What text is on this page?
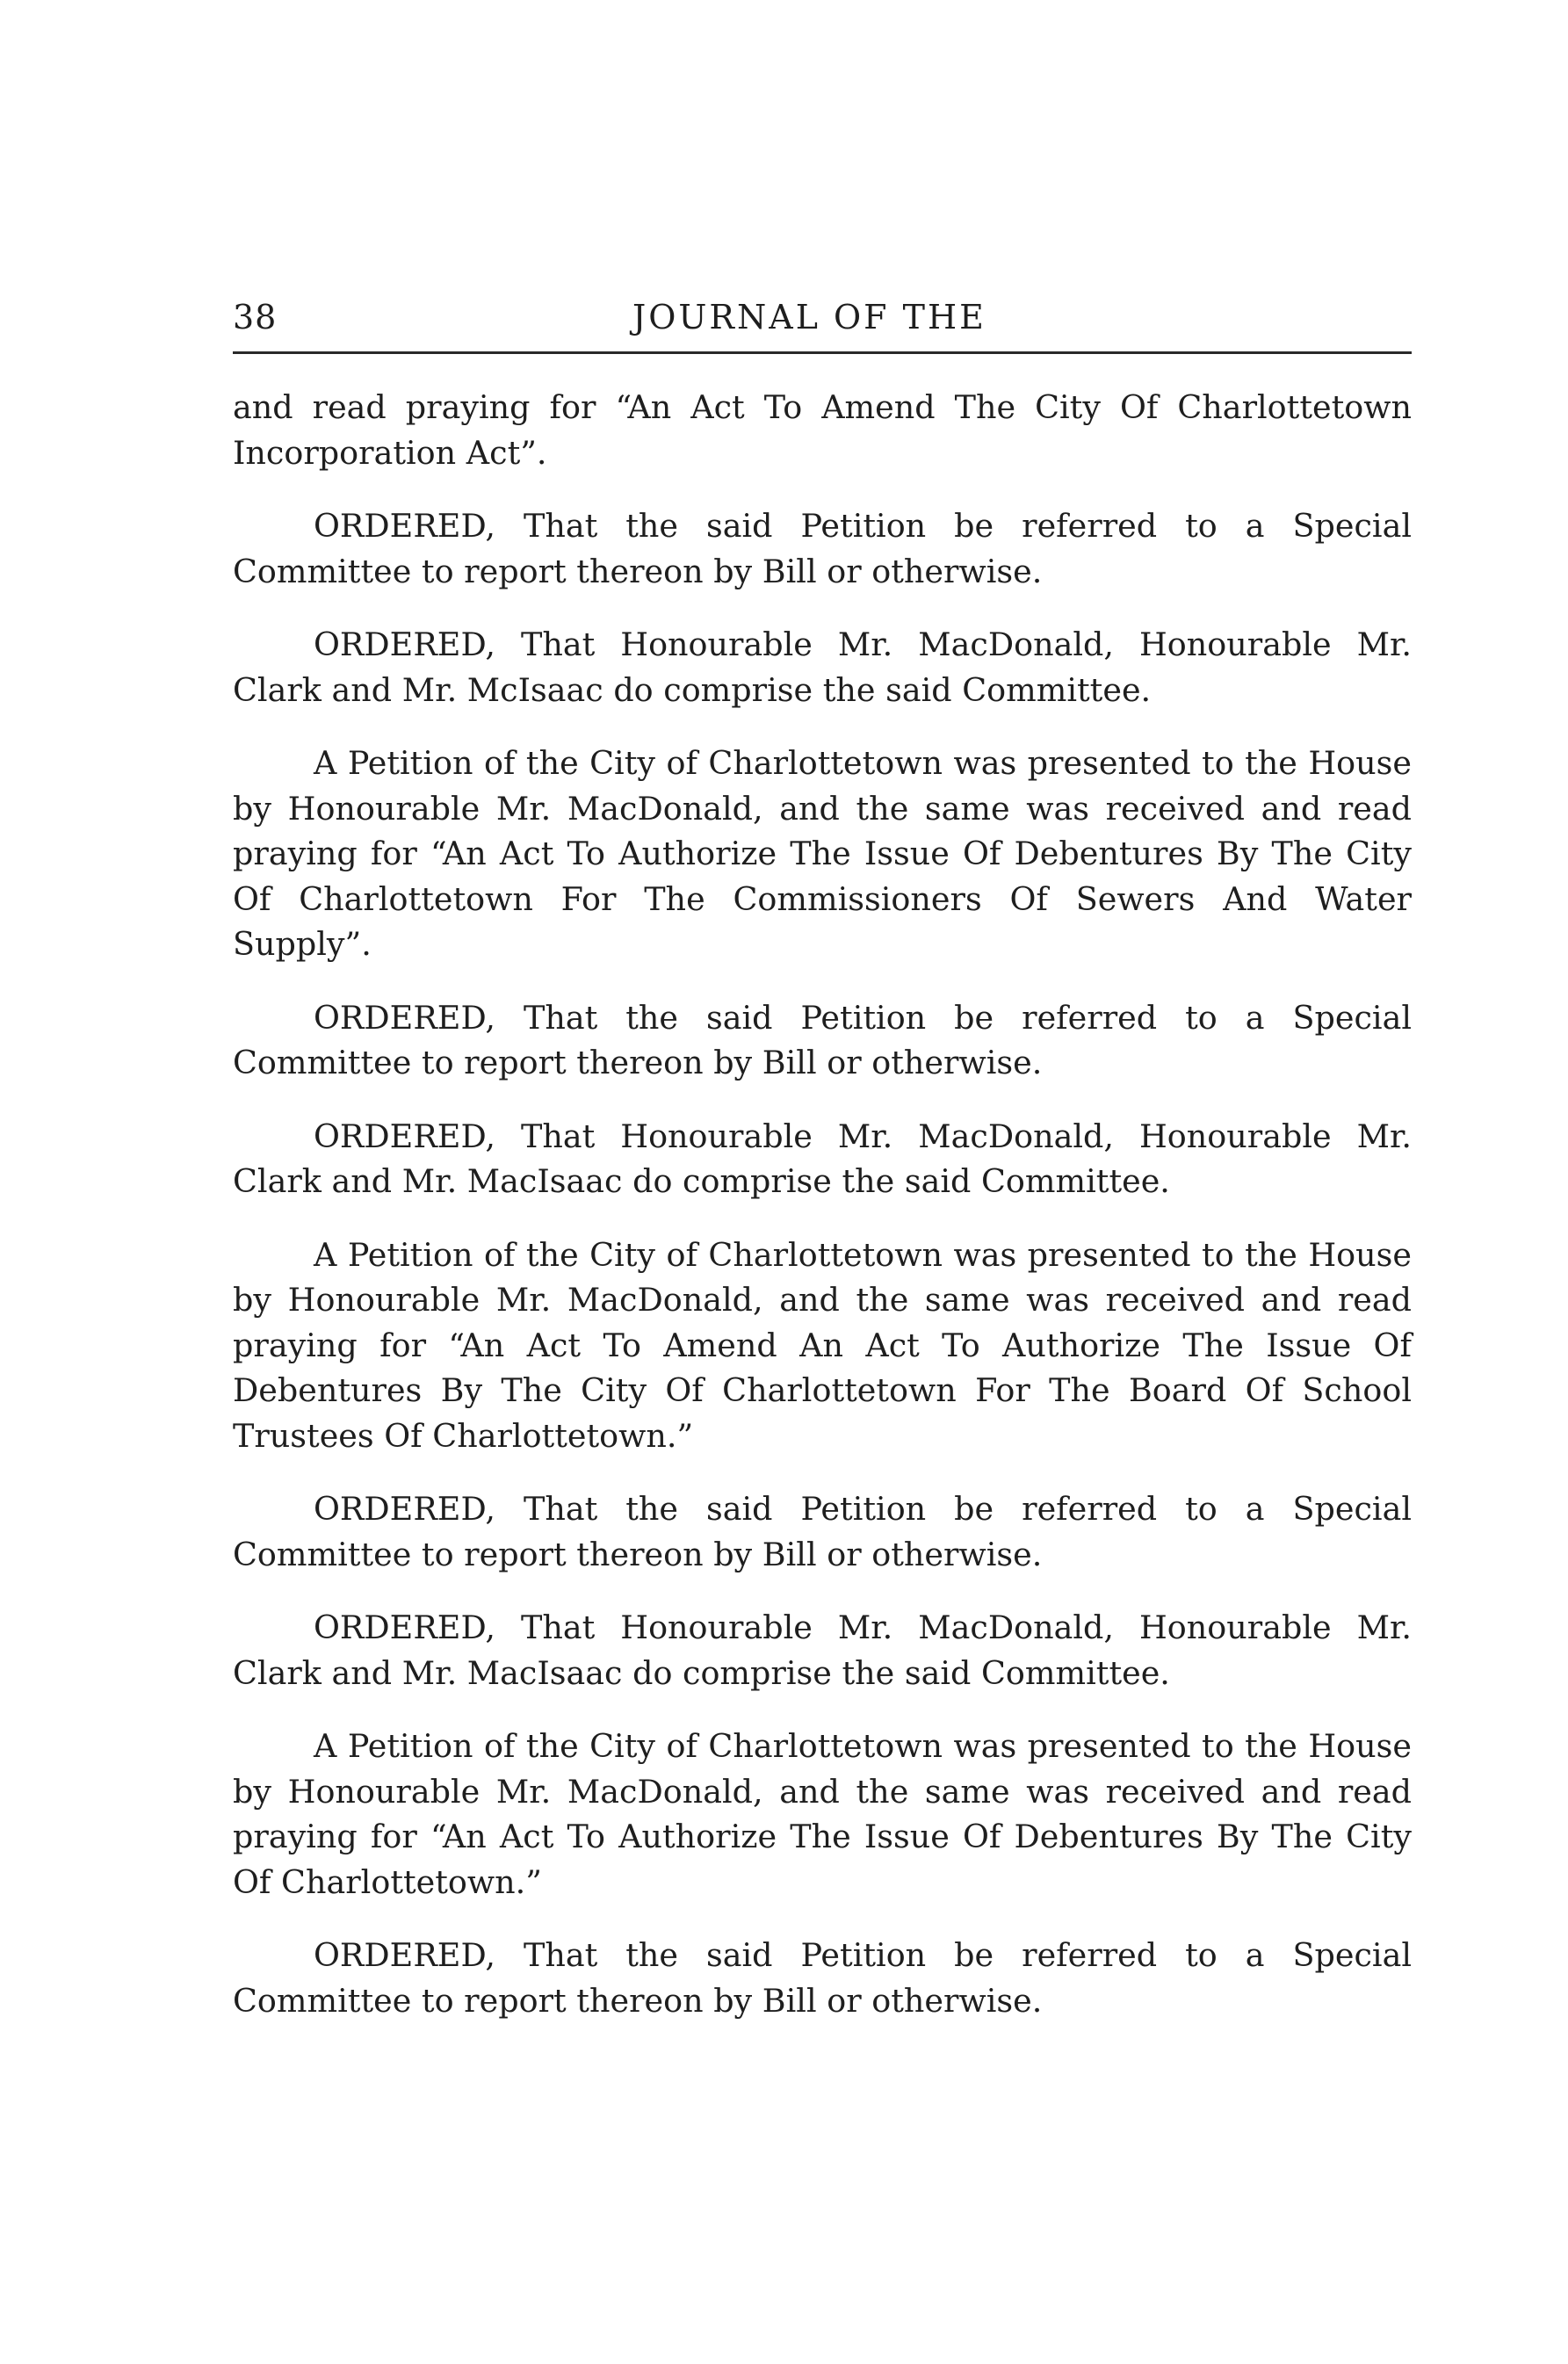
38	JOURNAL OF THE

and read praying for “An Act To Amend The City Of Charlottetown Incorporation Act”.

ORDERED, That the said Petition be referred to a Special Committee to report thereon by Bill or otherwise.

ORDERED, That Honourable Mr. MacDonald, Honourable Mr. Clark and Mr. McIsaac do comprise the said Committee.

A Petition of the City of Charlottetown was presented to the House by Honourable Mr. MacDonald, and the same was received and read praying for “An Act To Authorize The Issue Of Debentures By The City Of Charlottetown For The Commissioners Of Sewers And Water Supply”.

ORDERED, That the said Petition be referred to a Special Committee to report thereon by Bill or otherwise.

ORDERED, That Honourable Mr. MacDonald, Honourable Mr. Clark and Mr. MacIsaac do comprise the said Committee.

A Petition of the City of Charlottetown was presented to the House by Honourable Mr. MacDonald, and the same was received and read praying for “An Act To Amend An Act To Authorize The Issue Of Debentures By The City Of Charlottetown For The Board Of School Trustees Of Charlottetown.”

ORDERED, That the said Petition be referred to a Special Committee to report thereon by Bill or otherwise.

ORDERED, That Honourable Mr. MacDonald, Honourable Mr. Clark and Mr. MacIsaac do comprise the said Committee.

A Petition of the City of Charlottetown was presented to the House by Honourable Mr. MacDonald, and the same was received and read praying for “An Act To Authorize The Issue Of Debentures By The City Of Charlottetown.”

ORDERED, That the said Petition be referred to a Special Committee to report thereon by Bill or otherwise.
